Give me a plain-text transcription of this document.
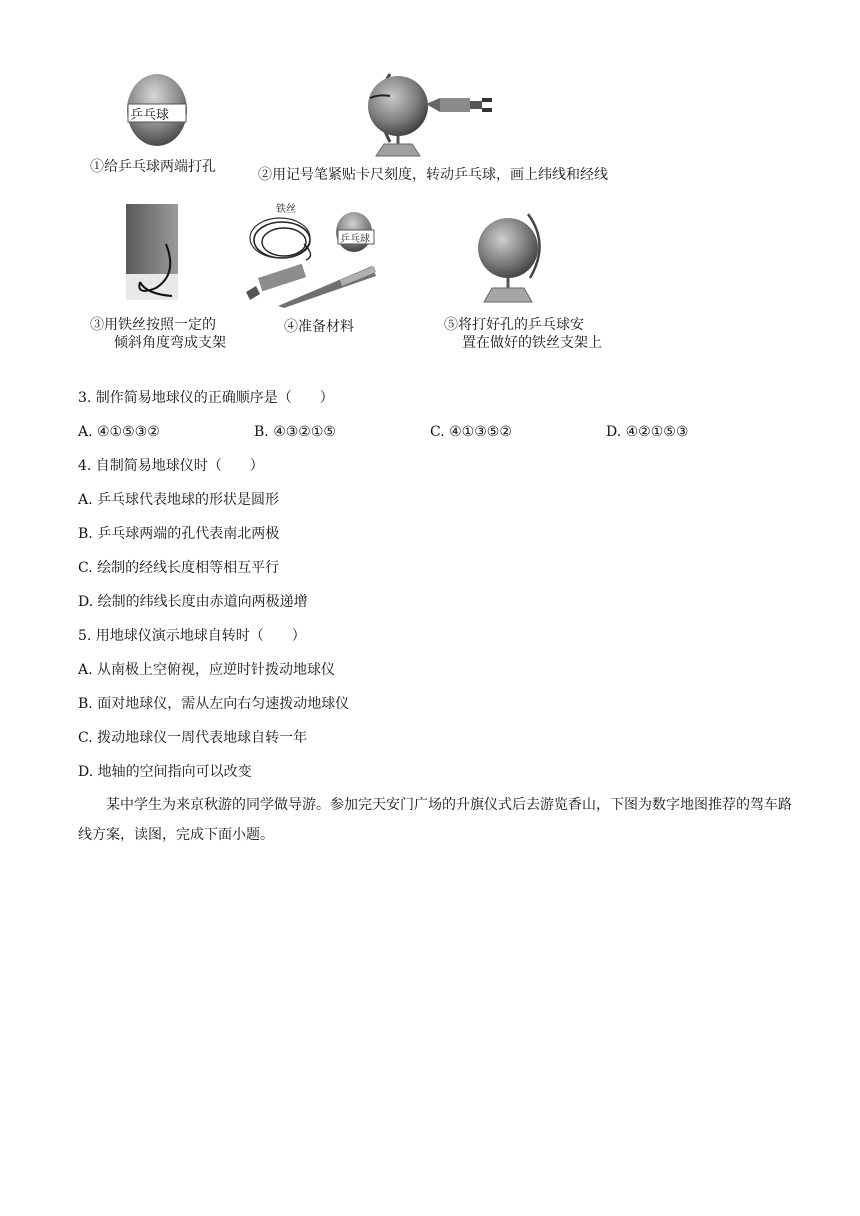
乒乓球
①给乒乓球两端打孔	②用记号笔紧贴卡尺刻度，转动乒乓球，画上纬线和经线
③用铁丝按照一定的
倾斜角度弯成支架
铁丝
乒乓球
④准备材料	⑤将打好孔的乒乓球安
置在做好的铁丝支架上
3. 制作简易地球仪的正确顺序是（　　）
A. ④①⑤③②	B. ④③②①⑤	C. ④①③⑤②	D. ④②①⑤③
4. 自制简易地球仪时（　　）
A. 乒乓球代表地球的形状是圆形
B. 乒乓球两端的孔代表南北两极
C. 绘制的经线长度相等相互平行
D. 绘制的纬线长度由赤道向两极递增
5. 用地球仪演示地球自转时（　　）
A. 从南极上空俯视，应逆时针拨动地球仪
B. 面对地球仪，需从左向右匀速拨动地球仪
C. 拨动地球仪一周代表地球自转一年
D. 地轴的空间指向可以改变
某中学生为来京秋游的同学做导游。参加完天安门广场的升旗仪式后去游览香山，下图为数字地图推荐的驾车路线方案，读图，完成下面小题。
